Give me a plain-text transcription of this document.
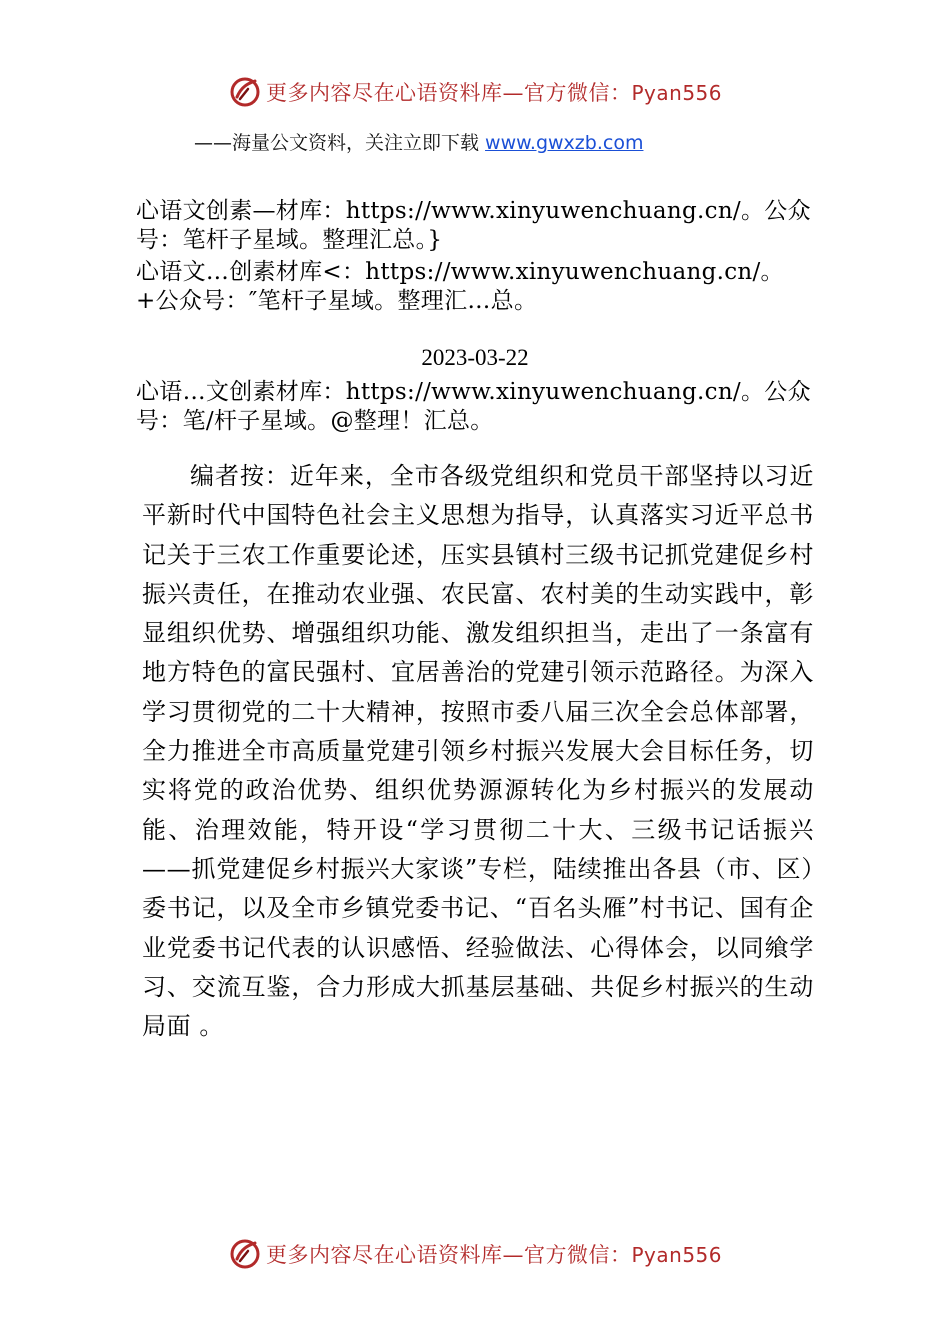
更多内容尽在心语资料库—官方微信：Pyan556
——海量公文资料，关注立即下载 www.gwxzb.com
心语文创素—材库：https://www.xinyuwenchuang.cn/。公众号：笔杆子星域。整理汇总。}
心语文…创素材库<：https://www.xinyuwenchuang.cn/。+公众号：″笔杆子星域。整理汇…总。
2023-03-22
心语…文创素材库：https://www.xinyuwenchuang.cn/。公众号：笔/杆子星域。@整理！汇总。
编者按：近年来，全市各级党组织和党员干部坚持以习近平新时代中国特色社会主义思想为指导，认真落实习近平总书记关于三农工作重要论述，压实县镇村三级书记抓党建促乡村振兴责任，在推动农业强、农民富、农村美的生动实践中，彰显组织优势、增强组织功能、激发组织担当，走出了一条富有地方特色的富民强村、宜居善治的党建引领示范路径。为深入学习贯彻党的二十大精神，按照市委八届三次全会总体部署，全力推进全市高质量党建引领乡村振兴发展大会目标任务，切实将党的政治优势、组织优势源源转化为乡村振兴的发展动能、治理效能，特开设“学习贯彻二十大、三级书记话振兴——抓党建促乡村振兴大家谈”专栏，陆续推出各县（市、区）委书记，以及全市乡镇党委书记、“百名头雁”村书记、国有企业党委书记代表的认识感悟、经验做法、心得体会，以同飨学习、交流互鉴，合力形成大抓基层基础、共促乡村振兴的生动局面 。
更多内容尽在心语资料库—官方微信：Pyan556
